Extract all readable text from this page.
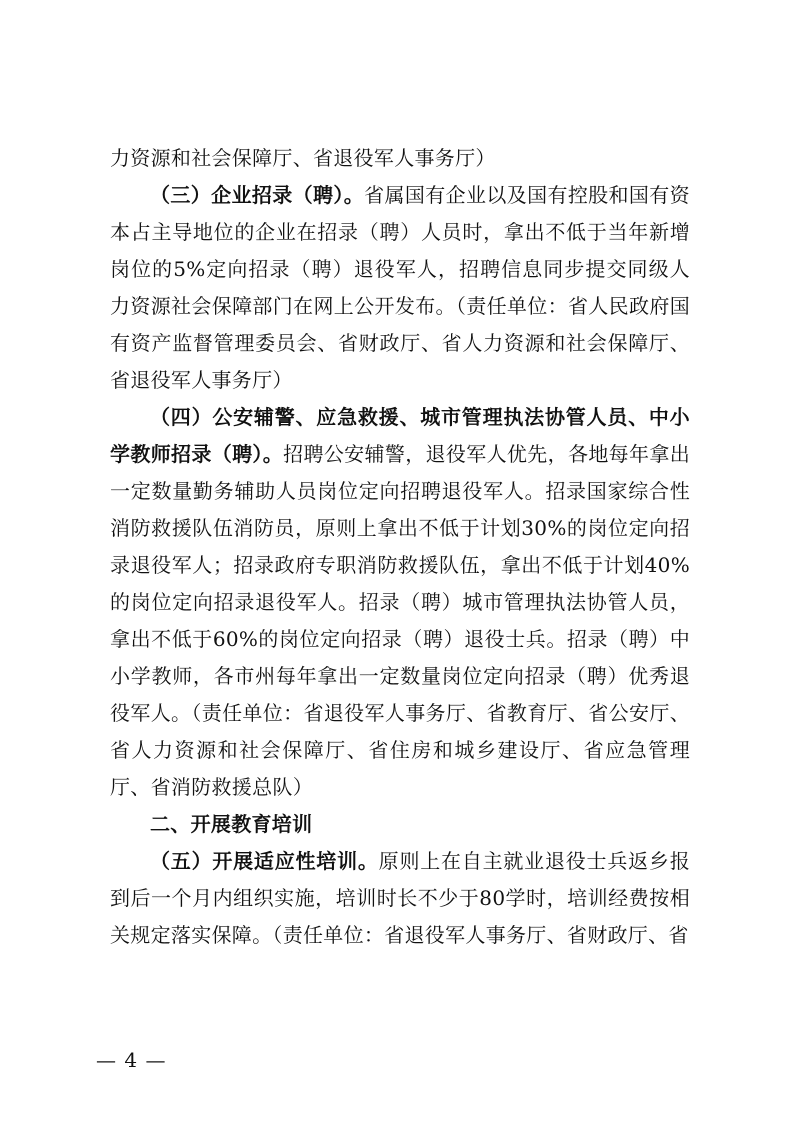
力资源和社会保障厅、省退役军人事务厅）

（三）企业招录（聘）。省属国有企业以及国有控股和国有资本占主导地位的企业在招录（聘）人员时，拿出不低于当年新增岗位的5%定向招录（聘）退役军人，招聘信息同步提交同级人力资源社会保障部门在网上公开发布。（责任单位：省人民政府国有资产监督管理委员会、省财政厅、省人力资源和社会保障厅、省退役军人事务厅）

（四）公安辅警、应急救援、城市管理执法协管人员、中小学教师招录（聘）。招聘公安辅警，退役军人优先，各地每年拿出一定数量勤务辅助人员岗位定向招聘退役军人。招录国家综合性消防救援队伍消防员，原则上拿出不低于计划30%的岗位定向招录退役军人；招录政府专职消防救援队伍，拿出不低于计划40%的岗位定向招录退役军人。招录（聘）城市管理执法协管人员，拿出不低于60%的岗位定向招录（聘）退役士兵。招录（聘）中小学教师，各市州每年拿出一定数量岗位定向招录（聘）优秀退役军人。（责任单位：省退役军人事务厅、省教育厅、省公安厅、省人力资源和社会保障厅、省住房和城乡建设厅、省应急管理厅、省消防救援总队）

二、开展教育培训

（五）开展适应性培训。原则上在自主就业退役士兵返乡报到后一个月内组织实施，培训时长不少于80学时，培训经费按相关规定落实保障。（责任单位：省退役军人事务厅、省财政厅、省

— 4 —
